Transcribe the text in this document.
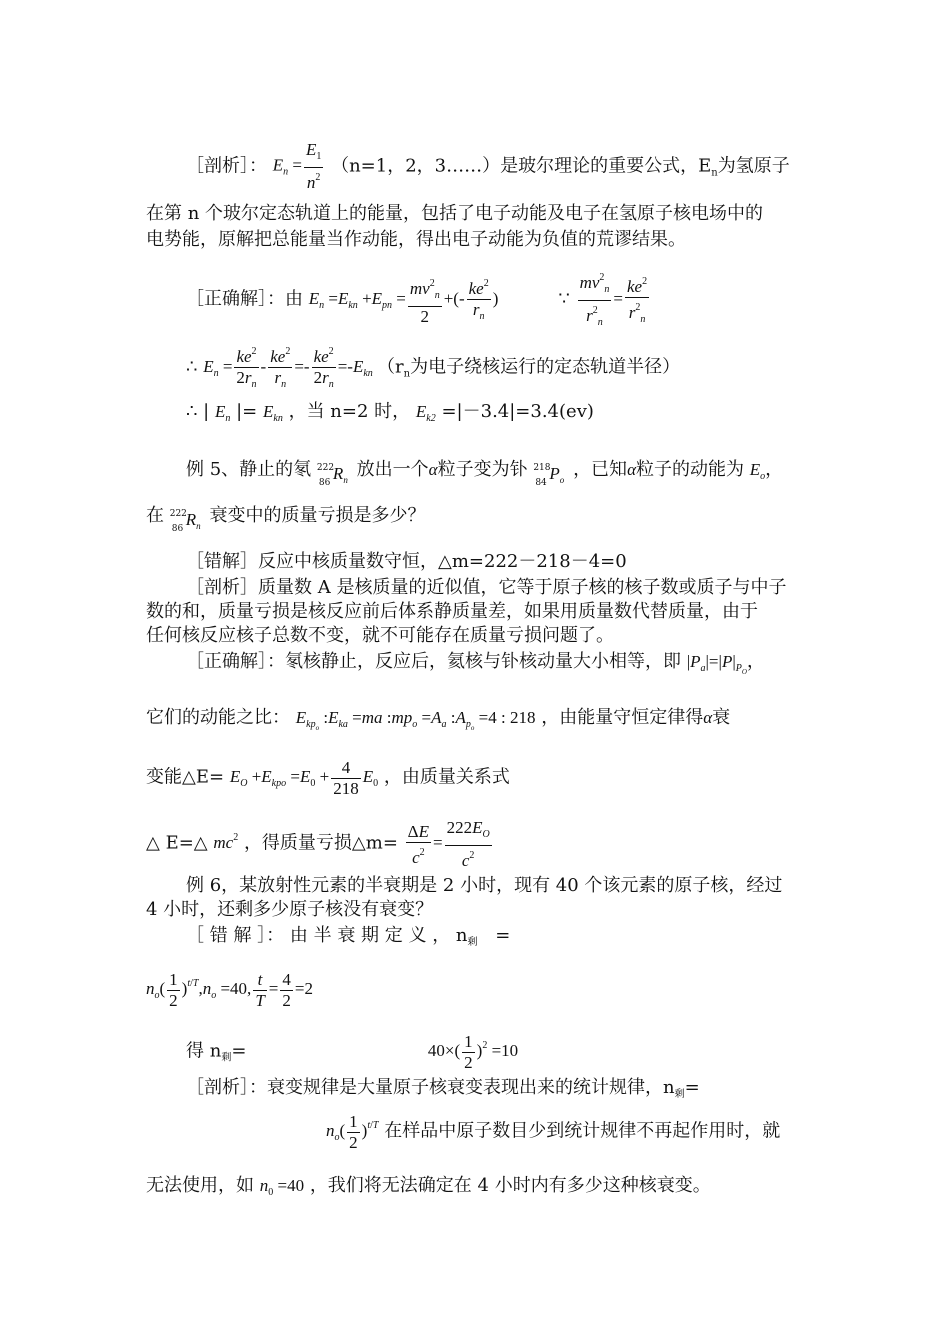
［剖析］： $E_n = \frac{E_1}{n^2} (n=1$，2，3……）是玻尔理论的重要公式，$E_n$为氢原子
在第 n 个玻尔定态轨道上的能量，包括了电子动能及电子在氢原子核电场中的
电势能，原解把总能量当作动能，得出电子动能为负值的荒谬结果。
［正确解］：由 $E_n =E_{kn} +E_{pn} = \frac{mv^2_n}{2}$ +(- $\frac{ke^2}{r_n}$ )	∵ $\frac{mv^2_n}{r^2_n} = \frac{ke^2}{r^2_n}$
∴ $E_n = \frac{ke^2}{2r_n} - \frac{ke^2}{r_n} =- \frac{ke^2}{2r_n} =-E_{kn}$ （$r_n$为电子绕核运行的定态轨道半径）
∴ | $E_n$ |= $E_{kn}$ ，当 n=2 时， $E_{k2} =|-3.4|=3.4(ev)$
例 5、静止的氡 222
86 $R_n$ 放出一个α粒子变为钋 218
84 $P_o$ ，已知α粒子的动能为 $E_o$，
在 222
86 $R_n$ 衰变中的质量亏损是多少？
［错解］反应中核质量数守恒，△m=222－218－4=0
［剖析］质量数 A 是核质量的近似值，它等于原子核的核子数或质子与中子
数的和，质量亏损是核反应前后体系静质量差，如果用质量数代替质量，由于
任何核反应核子总数不变，就不可能存在质量亏损问题了。
［正确解］：氡核静止，反应后，氦核与钋核动量大小相等，即 $|P_a|=|P|_{P_O}$，
它们的动能之比： $E_{kp_o}$ $:E_{ka} =ma$ $:mp_o =A_a$ $:A_{p_o} =4$ : 218 ，由能量守恒定律得α衰
变能△E= $E_O +E_{kpo} =E_0 + \frac{4}{218} E_0$ ，由质量关系式
△ E=△ $mc^2$ ，得质量亏损△m= $\frac{\Delta E}{c^2} = \frac{222E_O}{c^2}$
例 6，某放射性元素的半衰期是 2 小时，现有 40 个该元素的原子核，经过
4 小时，还剩多少原子核没有衰变？
［ 错 解 ］： 由 半 衰 期 定 义 ， $n_剩$ =
$n_o( \frac{1}{2} )^{t/T},n_o =40$, $\frac{t}{T} = \frac{4}{2} =2$
得 $n_剩=$	$40\times( \frac{1}{2} )^2 =10$
［剖析］：衰变规律是大量原子核衰变表现出来的统计规律，$n_剩=$
$n_o( \frac{1}{2} )^{t/T}$ 在样品中原子数目少到统计规律不再起作用时，就
无法使用，如 $n_0 =40$ ，我们将无法确定在 4 小时内有多少这种核衰变。
